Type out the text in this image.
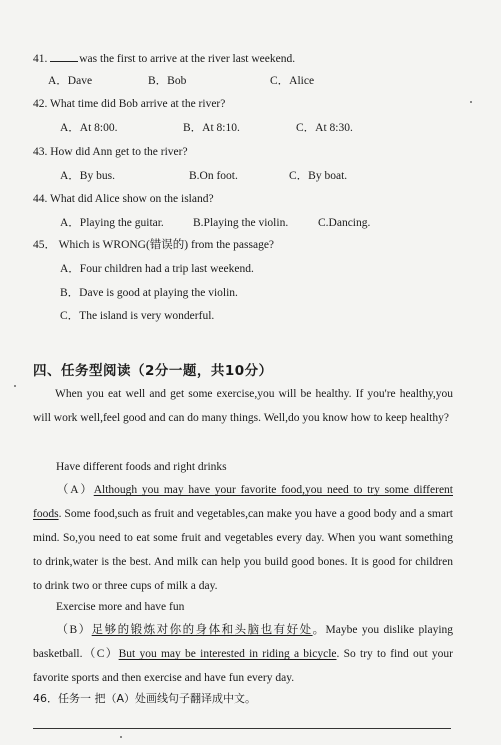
41.	was the first to arrive at the river last weekend.
A．Dave	B．Bob	C．Alice
42. What time did Bob arrive at the river?
A．At 8:00.	B．At 8:10.	C．At 8:30.
43. How did Ann get to the river?
A．By bus.	B.On foot.	C．By boat.
44. What did Alice show on the island?
A．Playing the guitar.	B.Playing the violin.	C.Dancing.
45． Which is WRONG(错误的) from the passage?
A．Four children had a trip last weekend.
B．Dave is good at playing the violin.
C．The island is very wonderful.
四、任务型阅读（2分一题，共10分）
When you eat well and get some exercise,you will be healthy. If you're healthy,you will work well,feel good and can do many things. Well,do you know how to keep healthy?
Have different foods and right drinks
（A）Although you may have your favorite food,you need to try some different foods. Some food,such as fruit and vegetables,can make you have a good body and a smart mind. So,you need to eat some fruit and vegetables every day. When you want something to drink,water is the best. And milk can help you build good bones. It is good for children to drink two or three cups of milk a day.
Exercise more and have fun
（B）足够的锻炼对你的身体和头脑也有好处。Maybe you dislike playing basketball.（C）But you may be interested in riding a bicycle. So try to find out your favorite sports and then exercise and have fun every day.
46．任务一 把（A）处画线句子翻译成中文。
